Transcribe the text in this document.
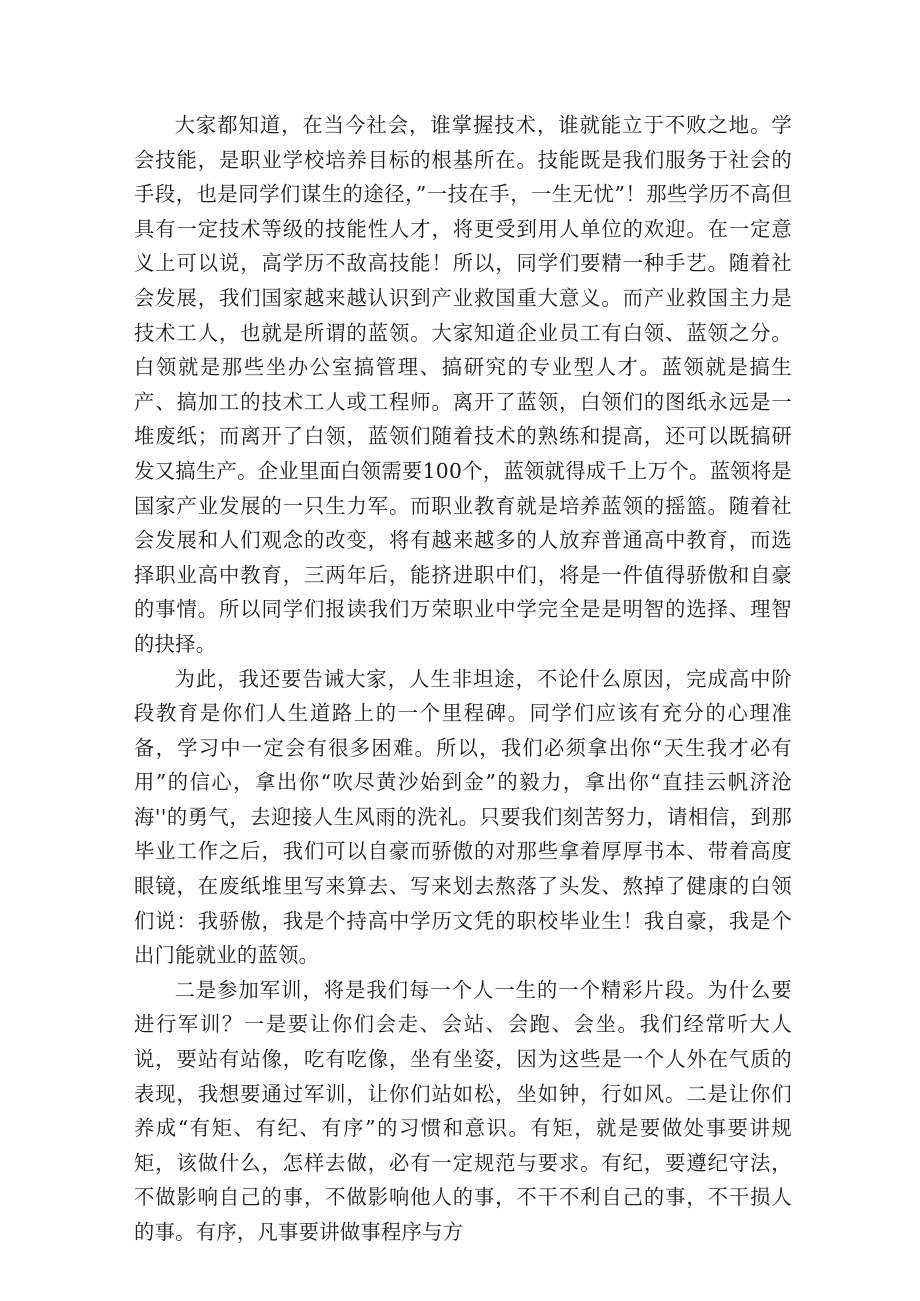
大家都知道，在当今社会，谁掌握技术，谁就能立于不败之地。学会技能，是职业学校培养目标的根基所在。技能既是我们服务于社会的手段，也是同学们谋生的途径，”一技在手，一生无忧”！那些学历不高但具有一定技术等级的技能性人才，将更受到用人单位的欢迎。在一定意义上可以说，高学历不敌高技能！所以，同学们要精一种手艺。随着社会发展，我们国家越来越认识到产业救国重大意义。而产业救国主力是技术工人，也就是所谓的蓝领。大家知道企业员工有白领、蓝领之分。白领就是那些坐办公室搞管理、搞研究的专业型人才。蓝领就是搞生产、搞加工的技术工人或工程师。离开了蓝领，白领们的图纸永远是一堆废纸；而离开了白领，蓝领们随着技术的熟练和提高，还可以既搞研发又搞生产。企业里面白领需要100个，蓝领就得成千上万个。蓝领将是国家产业发展的一只生力军。而职业教育就是培养蓝领的摇篮。随着社会发展和人们观念的改变，将有越来越多的人放弃普通高中教育，而选择职业高中教育，三两年后，能挤进职中们，将是一件值得骄傲和自豪的事情。所以同学们报读我们万荣职业中学完全是是明智的选择、理智的抉择。

为此，我还要告诫大家，人生非坦途，不论什么原因，完成高中阶段教育是你们人生道路上的一个里程碑。同学们应该有充分的心理准备，学习中一定会有很多困难。所以，我们必须拿出你“天生我才必有用”的信心，拿出你“吹尽黄沙始到金”的毅力，拿出你“直挂云帆济沧海''的勇气，去迎接人生风雨的洗礼。只要我们刻苦努力，请相信，到那毕业工作之后，我们可以自豪而骄傲的对那些拿着厚厚书本、带着高度眼镜，在废纸堆里写来算去、写来划去熬落了头发、熬掉了健康的白领们说：我骄傲，我是个持高中学历文凭的职校毕业生！我自豪，我是个出门能就业的蓝领。

二是参加军训，将是我们每一个人一生的一个精彩片段。为什么要进行军训？一是要让你们会走、会站、会跑、会坐。我们经常听大人说，要站有站像，吃有吃像，坐有坐姿，因为这些是一个人外在气质的表现，我想要通过军训，让你们站如松，坐如钟，行如风。二是让你们养成“有矩、有纪、有序”的习惯和意识。有矩，就是要做处事要讲规矩，该做什么，怎样去做，必有一定规范与要求。有纪，要遵纪守法，不做影响自己的事，不做影响他人的事，不干不利自己的事，不干损人的事。有序，凡事要讲做事程序与方
